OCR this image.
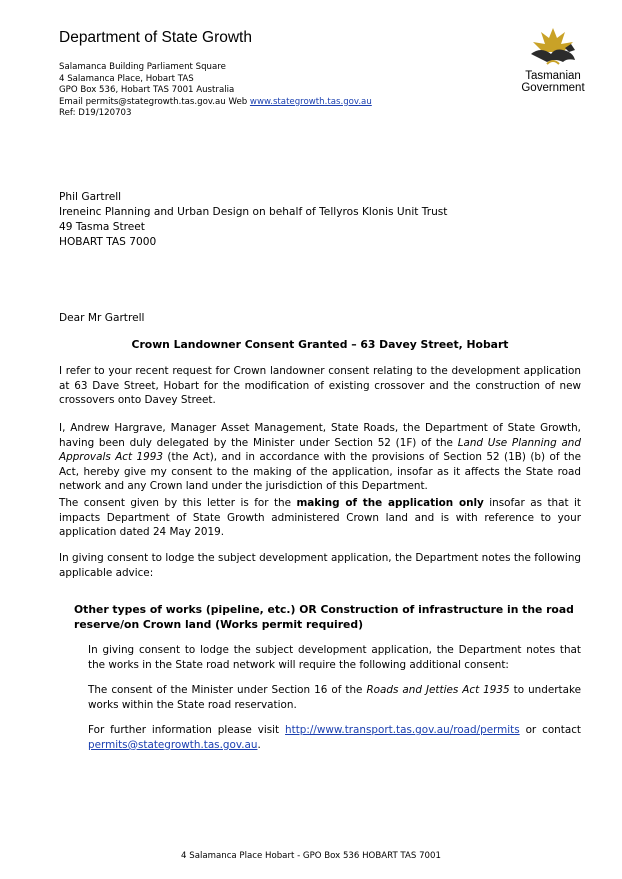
Department of State Growth
Salamanca Building Parliament Square
4 Salamanca Place, Hobart TAS
GPO Box 536, Hobart TAS 7001 Australia
Email permits@stategrowth.tas.gov.au Web www.stategrowth.tas.gov.au
Ref: D19/120703
Tasmanian
Government
Phil Gartrell
Ireneinc Planning and Urban Design on behalf of Tellyros Klonis Unit Trust
49 Tasma Street
HOBART TAS 7000
Dear Mr Gartrell
Crown Landowner Consent Granted – 63 Davey Street, Hobart
I refer to your recent request for Crown landowner consent relating to the development application at 63 Dave Street, Hobart for the modification of existing crossover and the construction of new crossovers onto Davey Street.
I, Andrew Hargrave, Manager Asset Management, State Roads, the Department of State Growth, having been duly delegated by the Minister under Section 52 (1F) of the Land Use Planning and Approvals Act 1993 (the Act), and in accordance with the provisions of Section 52 (1B) (b) of the Act, hereby give my consent to the making of the application, insofar as it affects the State road network and any Crown land under the jurisdiction of this Department.
The consent given by this letter is for the making of the application only insofar as that it impacts Department of State Growth administered Crown land and is with reference to your application dated 24 May 2019.
In giving consent to lodge the subject development application, the Department notes the following applicable advice:
Other types of works (pipeline, etc.) OR Construction of infrastructure in the road reserve/on Crown land (Works permit required)
In giving consent to lodge the subject development application, the Department notes that the works in the State road network will require the following additional consent:
The consent of the Minister under Section 16 of the Roads and Jetties Act 1935 to undertake works within the State road reservation.
For further information please visit http://www.transport.tas.gov.au/road/permits or contact permits@stategrowth.tas.gov.au.
4 Salamanca Place Hobart - GPO Box 536 HOBART TAS 7001
